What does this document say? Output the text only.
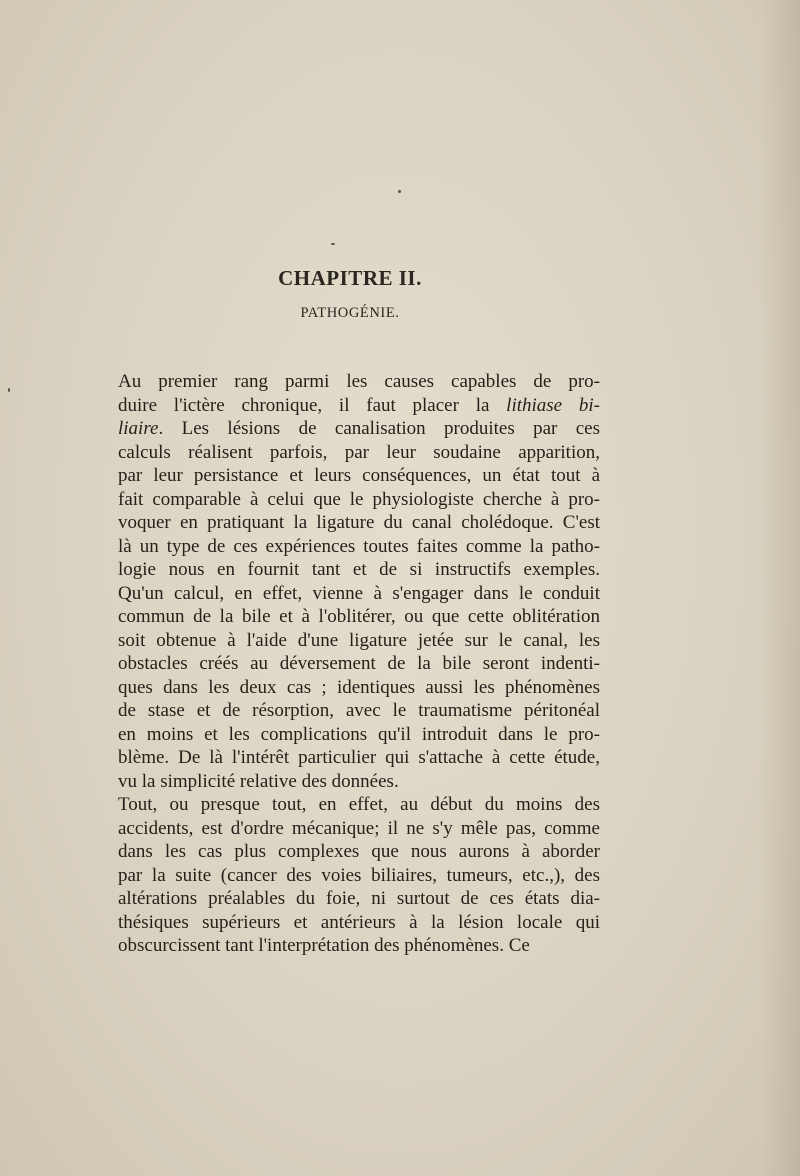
CHAPITRE II.
PATHOGÉNIE.
Au premier rang parmi les causes capables de pro-
duire l'ictère chronique, il faut placer la lithiase bi-
liaire. Les lésions de canalisation produites par ces
calculs réalisent parfois, par leur soudaine apparition,
par leur persistance et leurs conséquences, un état tout à
fait comparable à celui que le physiologiste cherche à pro-
voquer en pratiquant la ligature du canal cholédoque. C'est
là un type de ces expériences toutes faites comme la patho-
logie nous en fournit tant et de si instructifs exemples.
Qu'un calcul, en effet, vienne à s'engager dans le conduit
commun de la bile et à l'oblitérer, ou que cette oblitération
soit obtenue à l'aide d'une ligature jetée sur le canal, les
obstacles créés au déversement de la bile seront indenti-
ques dans les deux cas ; identiques aussi les phénomènes
de stase et de résorption, avec le traumatisme péritonéal
en moins et les complications qu'il introduit dans le pro-
blème. De là l'intérêt particulier qui s'attache à cette étude,
vu la simplicité relative des données.
Tout, ou presque tout, en effet, au début du moins des
accidents, est d'ordre mécanique; il ne s'y mêle pas, comme
dans les cas plus complexes que nous aurons à aborder
par la suite (cancer des voies biliaires, tumeurs, etc.,), des
altérations préalables du foie, ni surtout de ces états dia-
thésiques supérieurs et antérieurs à la lésion locale qui
obscurcissent tant l'interprétation des phénomènes. Ce
